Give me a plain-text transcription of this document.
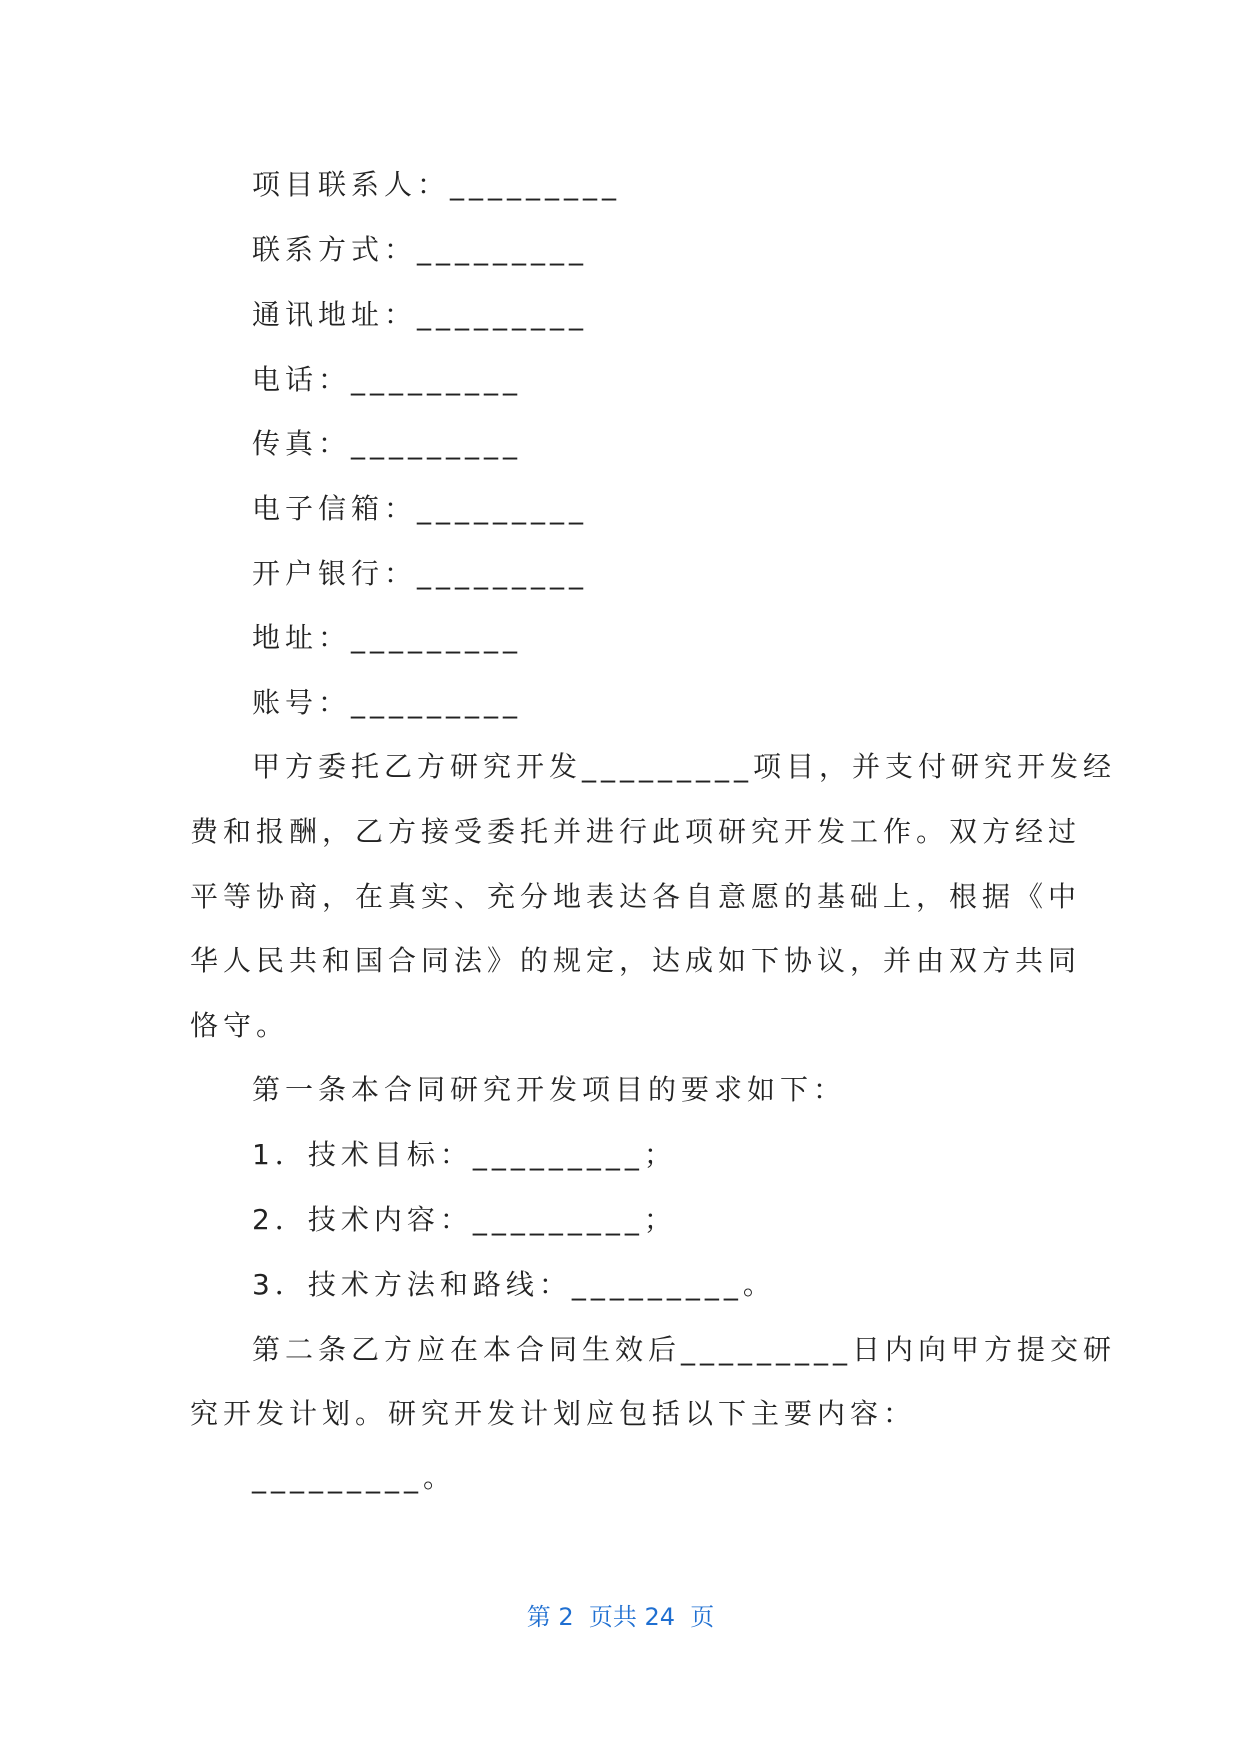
项目联系人：_________
联系方式：_________
通讯地址：_________
电话：_________
传真：_________
电子信箱：_________
开户银行：_________
地址：_________
账号：_________
甲方委托乙方研究开发_________项目，并支付研究开发经
费和报酬，乙方接受委托并进行此项研究开发工作。双方经过
平等协商，在真实、充分地表达各自意愿的基础上，根据《中
华人民共和国合同法》的规定，达成如下协议，并由双方共同
恪守。
第一条本合同研究开发项目的要求如下：
1．技术目标：_________；
2．技术内容：_________；
3．技术方法和路线：_________。
第二条乙方应在本合同生效后_________日内向甲方提交研
究开发计划。研究开发计划应包括以下主要内容：
_________。
第 2  页共 24  页
